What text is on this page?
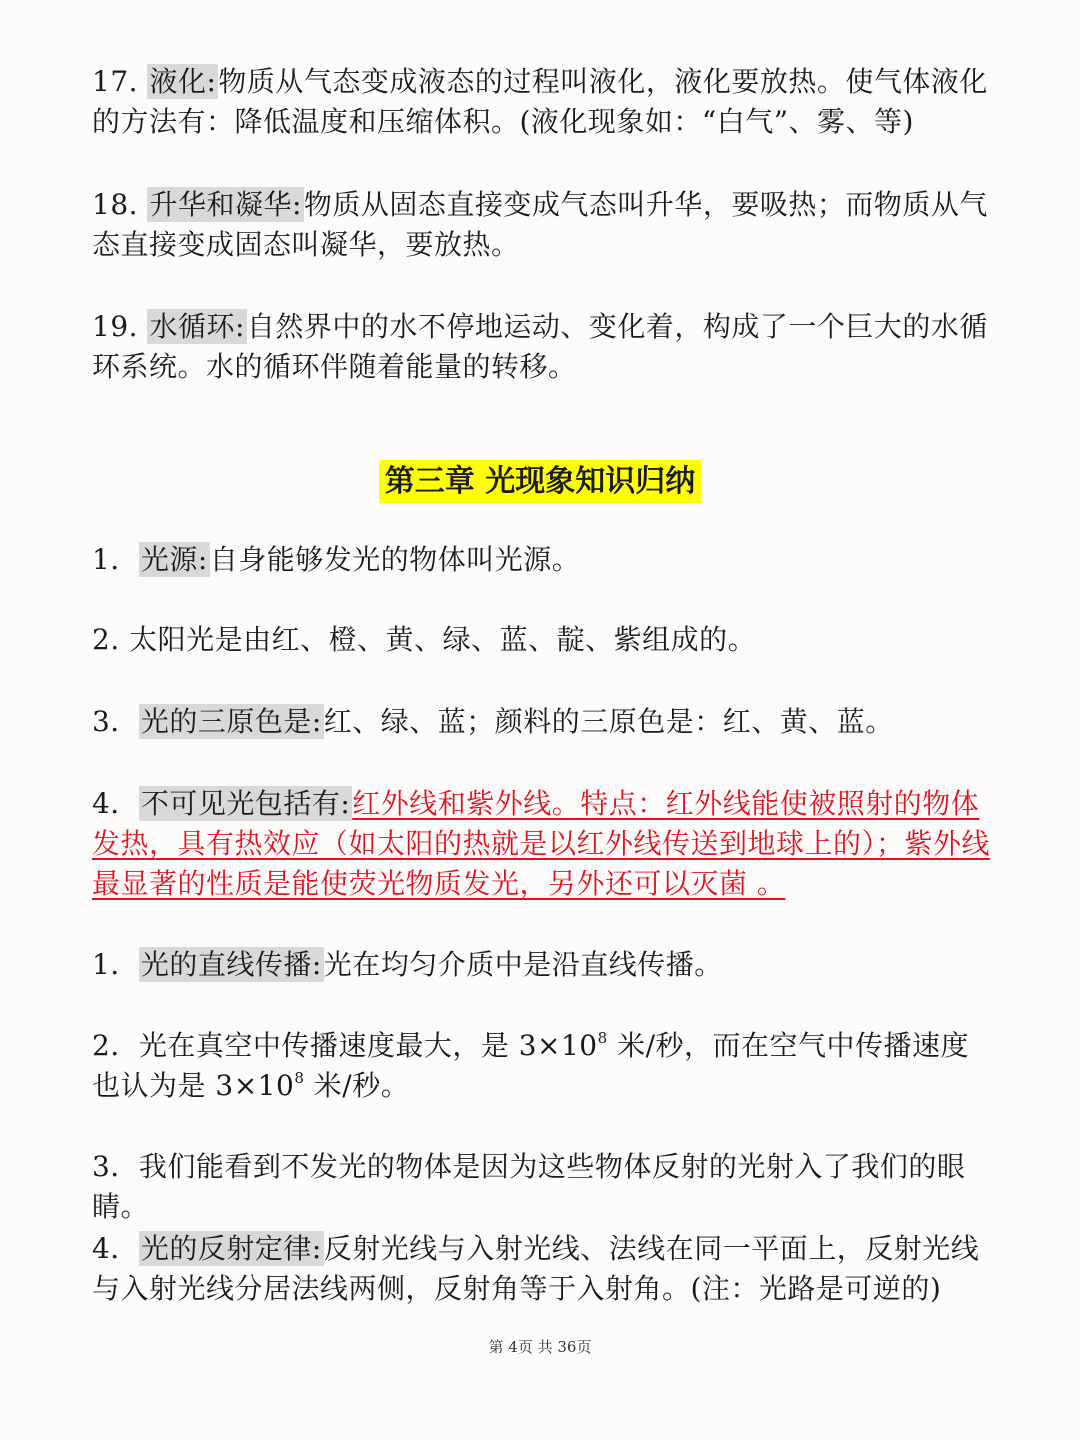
17. 液化:物质从气态变成液态的过程叫液化，液化要放热。使气体液化的方法有：降低温度和压缩体积。(液化现象如：“白气”、雾、等)

18. 升华和凝华:物质从固态直接变成气态叫升华，要吸热；而物质从气态直接变成固态叫凝华，要放热。

19. 水循环:自然界中的水不停地运动、变化着，构成了一个巨大的水循环系统。水的循环伴随着能量的转移。

第三章 光现象知识归纳

1．光源:自身能够发光的物体叫光源。

2. 太阳光是由红、橙、黄、绿、蓝、靛、紫组成的。

3．光的三原色是:红、绿、蓝；颜料的三原色是：红、黄、蓝。

4．不可见光包括有:红外线和紫外线。特点：红外线能使被照射的物体发热，具有热效应（如太阳的热就是以红外线传送到地球上的）；紫外线最显著的性质是能使荧光物质发光，另外还可以灭菌 。

1．光的直线传播:光在均匀介质中是沿直线传播。

2．光在真空中传播速度最大，是 $3\times 10^8$ 米/秒，而在空气中传播速度也认为是 $3\times 10^8$ 米/秒。

3．我们能看到不发光的物体是因为这些物体反射的光射入了我们的眼睛。

4．光的反射定律:反射光线与入射光线、法线在同一平面上，反射光线与入射光线分居法线两侧，反射角等于入射角。(注：光路是可逆的)

第 4页 共 36页
